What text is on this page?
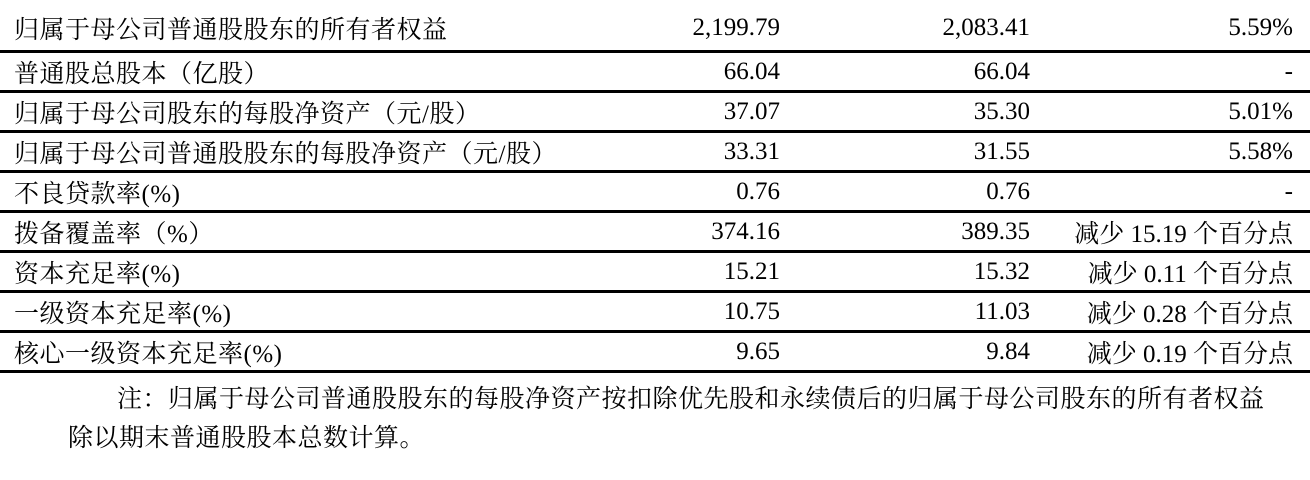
归属于母公司普通股股东的所有者权益	2,199.79	2,083.41	5.59%
普通股总股本（亿股）	66.04	66.04	-
归属于母公司股东的每股净资产（元/股）	37.07	35.30	5.01%
归属于母公司普通股股东的每股净资产（元/股）	33.31	31.55	5.58%
不良贷款率(%)	0.76	0.76	-
拨备覆盖率（%）	374.16	389.35	减少 15.19 个百分点
资本充足率(%)	15.21	15.32	减少 0.11 个百分点
一级资本充足率(%)	10.75	11.03	减少 0.28 个百分点
核心一级资本充足率(%)	9.65	9.84	减少 0.19 个百分点
注：归属于母公司普通股股东的每股净资产按扣除优先股和永续债后的归属于母公司股东的所有者权益
除以期末普通股股本总数计算。
